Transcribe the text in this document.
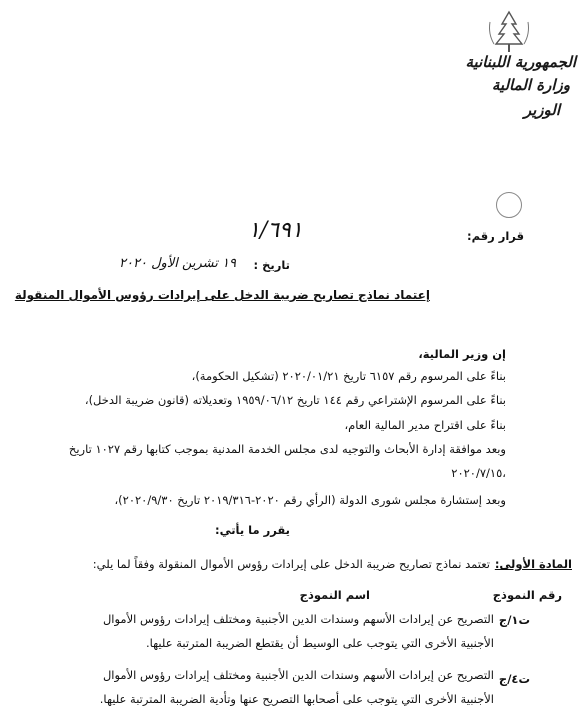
الجمهورية اللبنانية
وزارة المالية
الوزير
قرار رقم:
١/٦٩١
تاريخ :
١٩ تشرين الأول ٢٠٢٠
إعتماد نماذج تصاريح ضريبة الدخل على إيرادات رؤوس الأموال المنقولة
إن وزير المالية،
بناءً على المرسوم رقم ٦١٥٧ تاريخ ٢٠٢٠/٠١/٢١ (تشكيل الحكومة)،
بناءً على المرسوم الإشتراعي رقم ١٤٤ تاريخ ١٩٥٩/٠٦/١٢ وتعديلاته (قانون ضريبة الدخل)،
بناءً على اقتراح مدير المالية العام،
وبعد موافقة إدارة الأبحاث والتوجيه لدى مجلس الخدمة المدنية بموجب كتابها رقم ١٠٢٧ تاريخ
٢٠٢٠/٧/١٥،
وبعد إستشارة مجلس شورى الدولة (الرأي رقم ٢٠٢٠-٢٠١٩/٣١٦ تاريخ ٢٠٢٠/٩/٣٠)،
يقرر ما يأتي:
المادة الأولى:
تعتمد نماذج تصاريح ضريبة الدخل على إيرادات رؤوس الأموال المنقولة وفقاً لما يلي:
رقم النموذج
اسم النموذج
ت١/ج
التصريح عن إيرادات الأسهم وسندات الدين الأجنبية ومختلف إيرادات رؤوس الأموال
الأجنبية الأخرى التي يتوجب على الوسيط أن يقتطع الضريبة المترتبة عليها.
ت٤/ج
التصريح عن إيرادات الأسهم وسندات الدين الأجنبية ومختلف إيرادات رؤوس الأموال
الأجنبية الأخرى التي يتوجب على أصحابها التصريح عنها وتأدية الضريبة المترتبة عليها.
